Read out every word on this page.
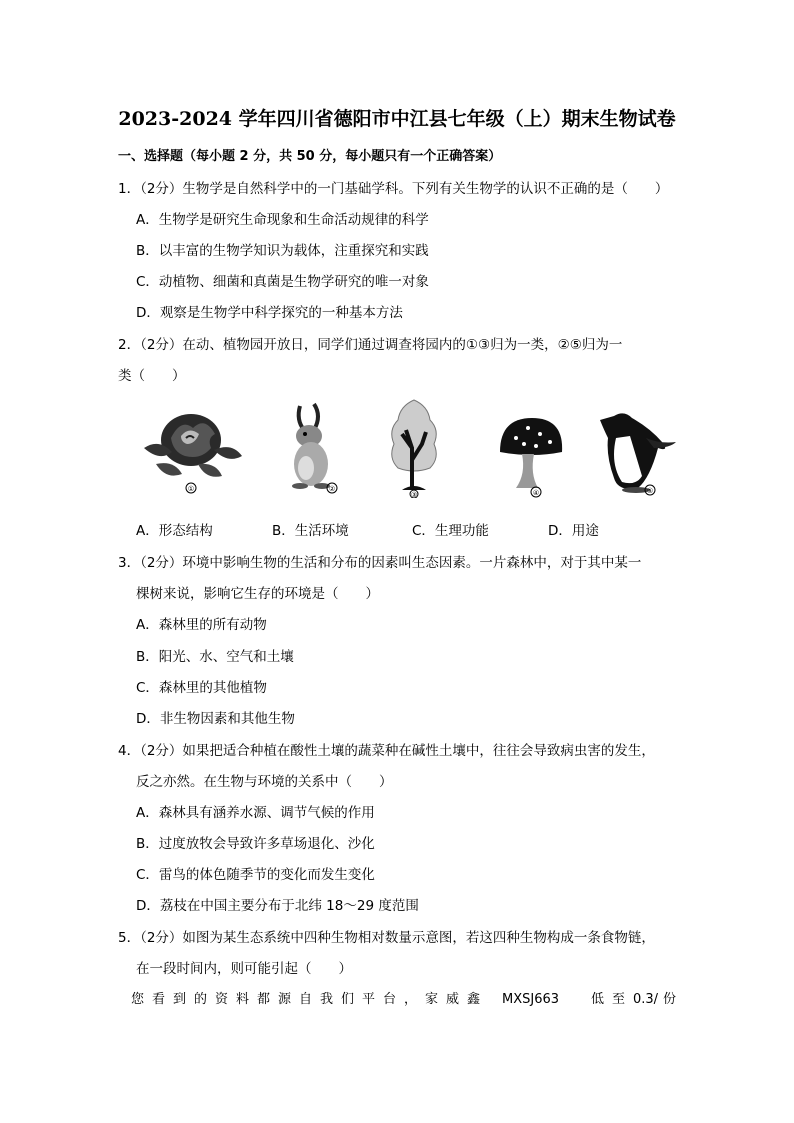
2023-2024 学年四川省德阳市中江县七年级（上）期末生物试卷
一、选择题（每小题 2 分，共 50 分，每小题只有一个正确答案）
1．（2分）生物学是自然科学中的一门基础学科。下列有关生物学的认识不正确的是（　　）
A．生物学是研究生命现象和生命活动规律的科学
B．以丰富的生物学知识为载体，注重探究和实践
C．动植物、细菌和真菌是生物学研究的唯一对象
D．观察是生物学中科学探究的一种基本方法
2．（2分）在动、植物园开放日，同学们通过调查将园内的①③归为一类，②⑤归为一
类（　　）
①	②
③	④	⑤
A．形态结构	B．生活环境	C．生理功能	D．用途
3．（2分）环境中影响生物的生活和分布的因素叫生态因素。一片森林中，对于其中某一
棵树来说，影响它生存的环境是（　　）
A．森林里的所有动物
B．阳光、水、空气和土壤
C．森林里的其他植物
D．非生物因素和其他生物
4．（2分）如果把适合种植在酸性土壤的蔬菜种在碱性土壤中，往往会导致病虫害的发生，
反之亦然。在生物与环境的关系中（　　）
A．森林具有涵养水源、调节气候的作用
B．过度放牧会导致许多草场退化、沙化
C．雷鸟的体色随季节的变化而发生变化
D．荔枝在中国主要分布于北纬 18～29 度范围
5．（2分）如图为某生态系统中四种生物相对数量示意图，若这四种生物构成一条食物链，
在一段时间内，则可能引起（　　）
您 看 到 的 资 料 都 源 自 我 们 平 台 ， 家 威 鑫 MXSJ663 低 至 0.3/ 份
